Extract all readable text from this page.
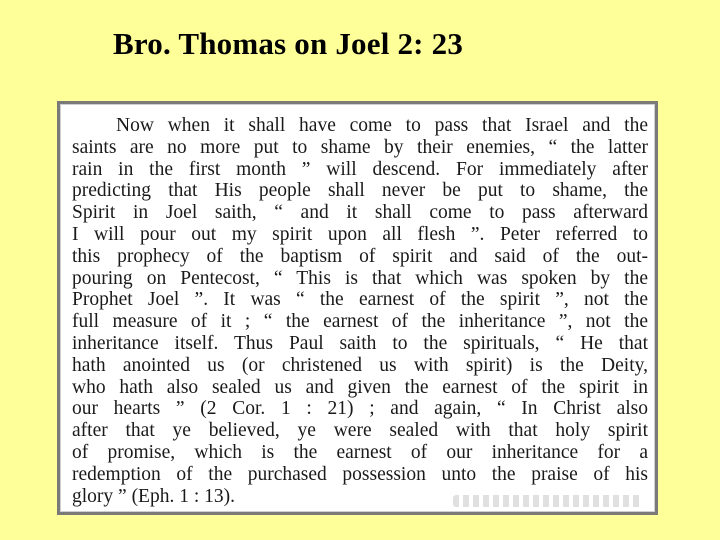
Bro. Thomas on Joel 2: 23
Now when it shall have come to pass that Israel and the
saints are no more put to shame by their enemies, “ the latter
rain in the first month ” will descend. For immediately after
predicting that His people shall never be put to shame, the
Spirit in Joel saith, “ and it shall come to pass afterward
I will pour out my spirit upon all flesh ”. Peter referred to
this prophecy of the baptism of spirit and said of the out-
pouring on Pentecost, “ This is that which was spoken by the
Prophet Joel ”. It was “ the earnest of the spirit ”, not the
full measure of it ; “ the earnest of the inheritance ”, not the
inheritance itself. Thus Paul saith to the spirituals, “ He that
hath anointed us (or christened us with spirit) is the Deity,
who hath also sealed us and given the earnest of the spirit in
our hearts ” (2 Cor. 1 : 21) ; and again, “ In Christ also
after that ye believed, ye were sealed with that holy spirit
of promise, which is the earnest of our inheritance for a
redemption of the purchased possession unto the praise of his
glory ” (Eph. 1 : 13).
